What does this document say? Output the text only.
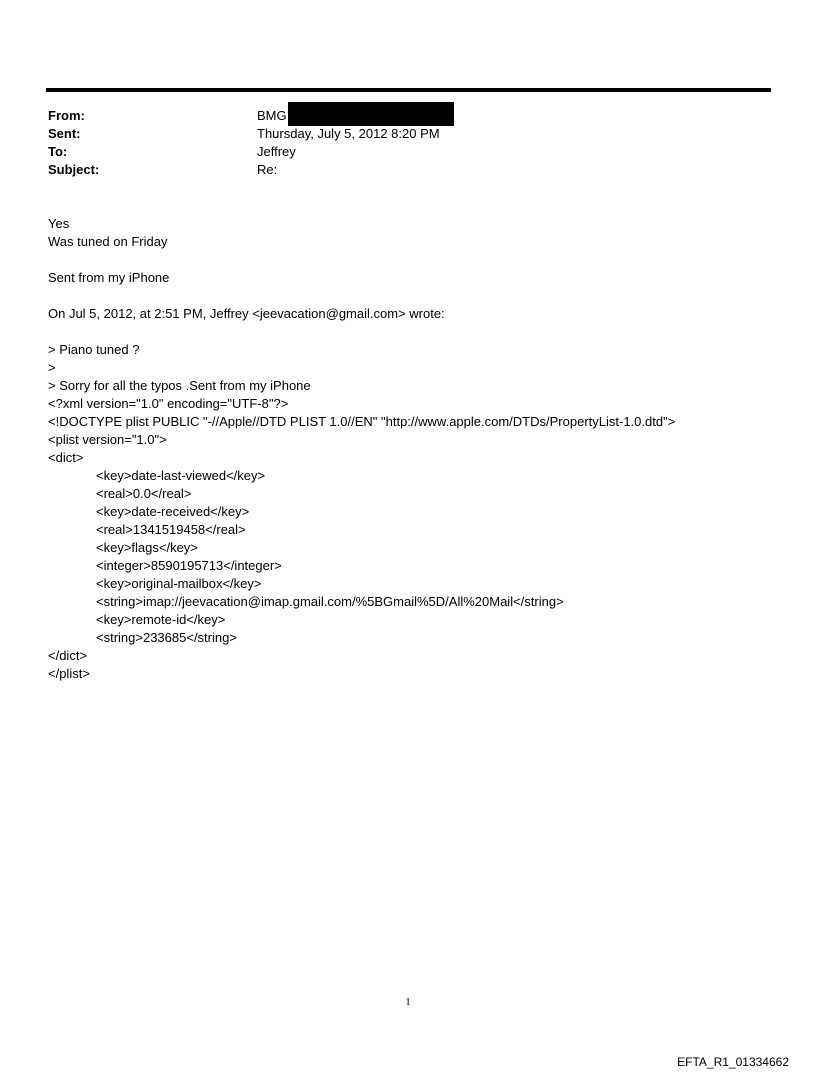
From:	BMG
Sent:	Thursday, July 5, 2012 8:20 PM
To:	Jeffrey
Subject:	Re:
Yes
Was tuned on Friday
Sent from my iPhone
On Jul 5, 2012, at 2:51 PM, Jeffrey <jeevacation@gmail.com> wrote:
> Piano tuned ?
>
> Sorry for all the typos .Sent from my iPhone
<?xml version="1.0" encoding="UTF-8"?>
<!DOCTYPE plist PUBLIC "-//Apple//DTD PLIST 1.0//EN" "http://www.apple.com/DTDs/PropertyList-1.0.dtd">
<plist version="1.0">
<dict>
<key>date-last-viewed</key>
<real>0.0</real>
<key>date-received</key>
<real>1341519458</real>
<key>flags</key>
<integer>8590195713</integer>
<key>original-mailbox</key>
<string>imap://jeevacation@imap.gmail.com/%5BGmail%5D/All%20Mail</string>
<key>remote-id</key>
<string>233685</string>
</dict>
</plist>
1
EFTA_R1_01334662
